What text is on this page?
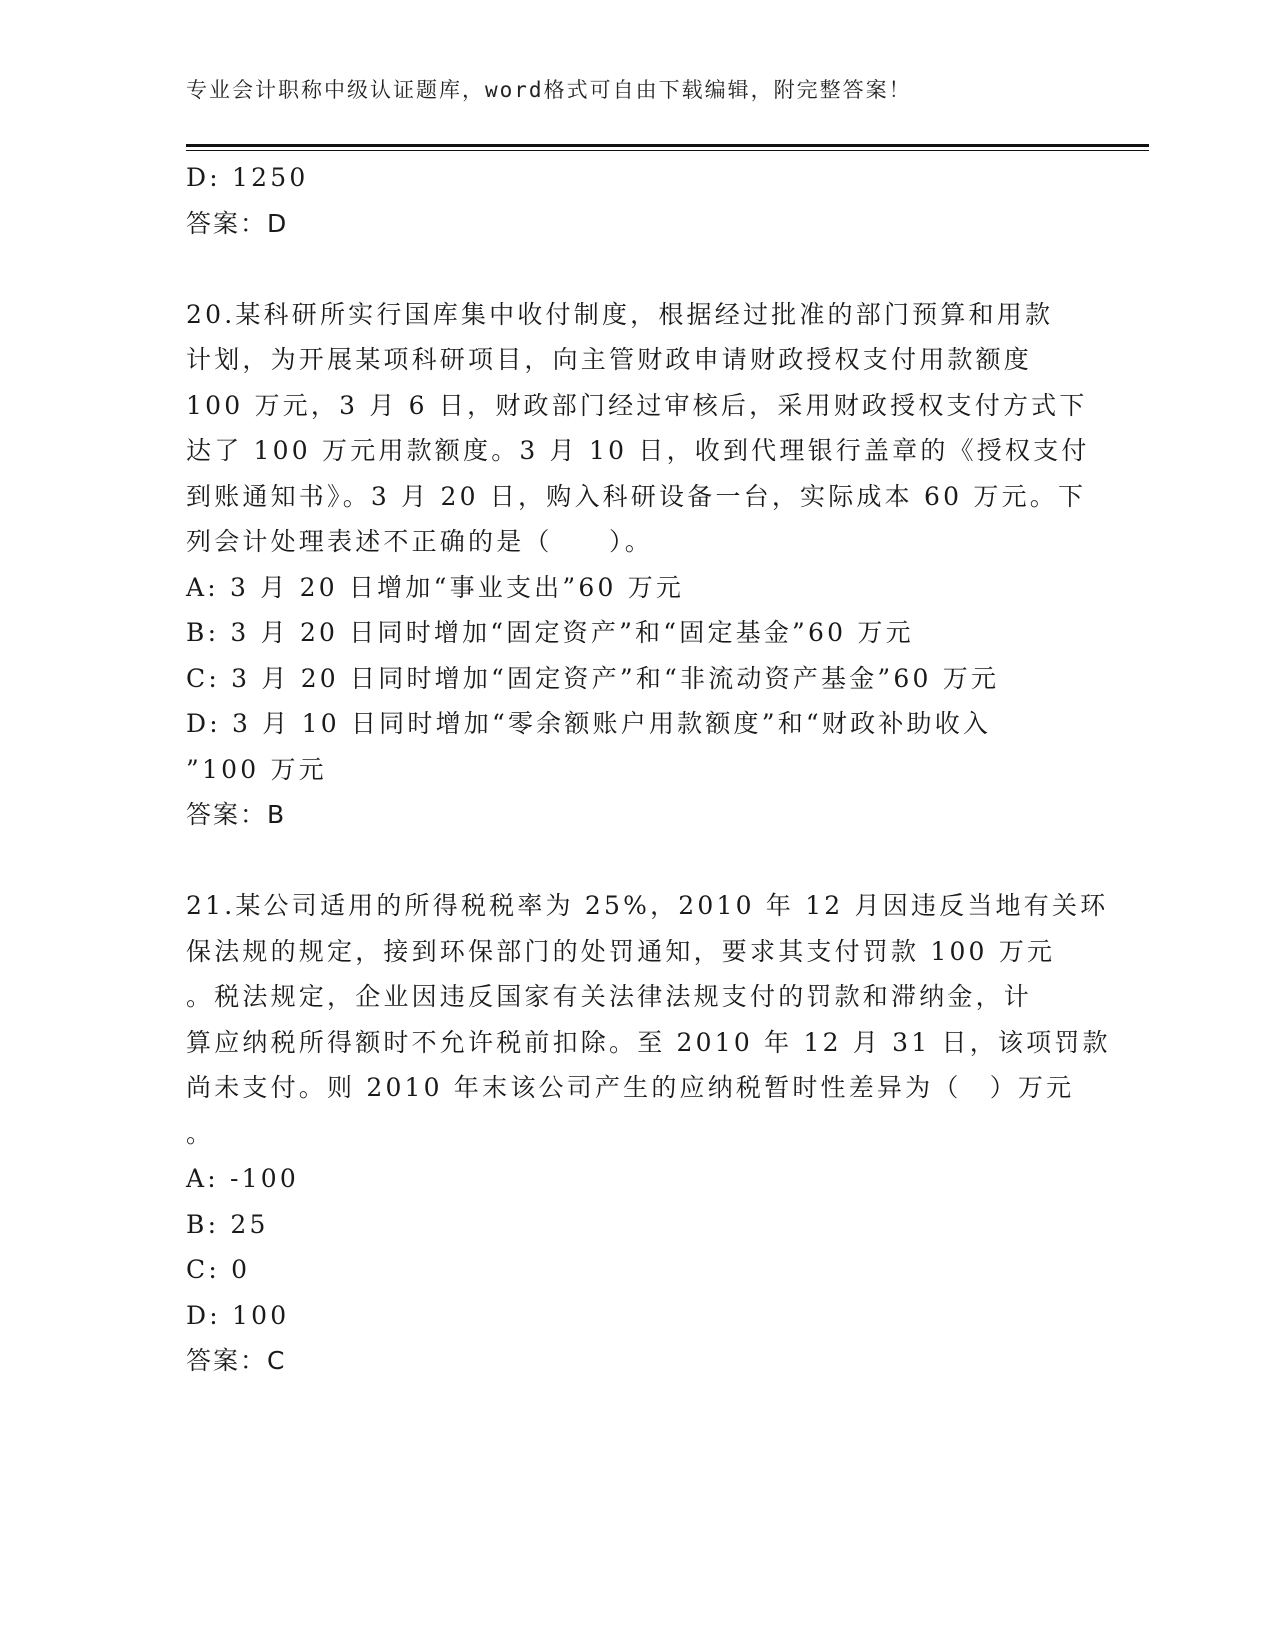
专业会计职称中级认证题库，word格式可自由下载编辑，附完整答案！
D: 1250
答案：D
20.某科研所实行国库集中收付制度，根据经过批准的部门预算和用款
计划，为开展某项科研项目，向主管财政申请财政授权支付用款额度
100 万元，3 月 6 日，财政部门经过审核后，采用财政授权支付方式下
达了 100 万元用款额度。3 月 10 日，收到代理银行盖章的《授权支付
到账通知书》。3 月 20 日，购入科研设备一台，实际成本 60 万元。下
列会计处理表述不正确的是（　　）。
A: 3 月 20 日增加“事业支出”60 万元
B: 3 月 20 日同时增加“固定资产”和“固定基金”60 万元
C: 3 月 20 日同时增加“固定资产”和“非流动资产基金”60 万元
D: 3 月 10 日同时增加“零余额账户用款额度”和“财政补助收入
”100 万元
答案：B
21.某公司适用的所得税税率为 25%，2010 年 12 月因违反当地有关环
保法规的规定，接到环保部门的处罚通知，要求其支付罚款 100 万元
。税法规定，企业因违反国家有关法律法规支付的罚款和滞纳金，计
算应纳税所得额时不允许税前扣除。至 2010 年 12 月 31 日，该项罚款
尚未支付。则 2010 年末该公司产生的应纳税暂时性差异为（　）万元
。
A: -100
B: 25
C: 0
D: 100
答案：C
